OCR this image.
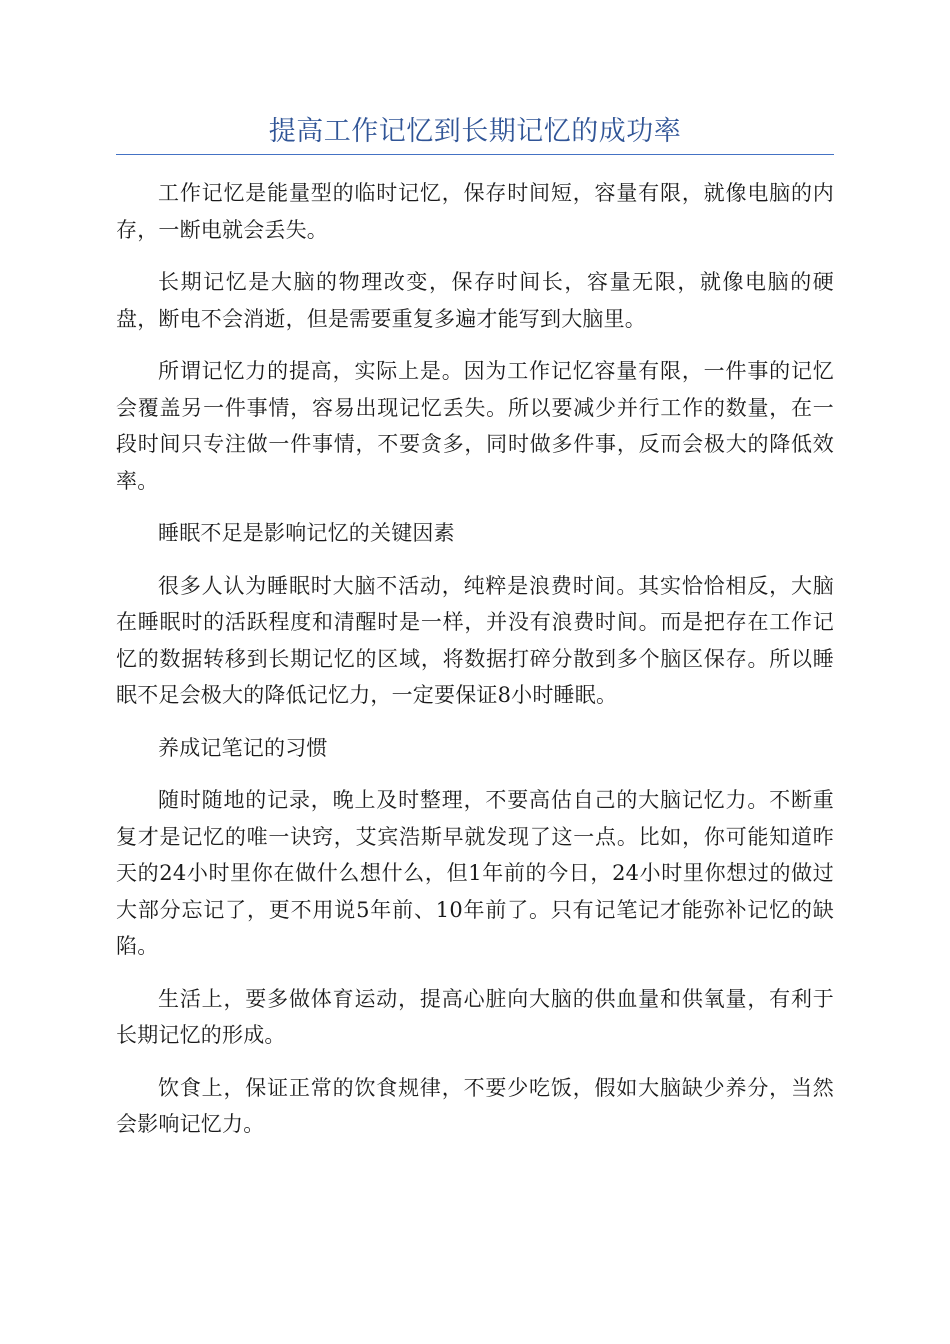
提高工作记忆到长期记忆的成功率

工作记忆是能量型的临时记忆，保存时间短，容量有限，就像电脑的内存，一断电就会丢失。

长期记忆是大脑的物理改变，保存时间长，容量无限，就像电脑的硬盘，断电不会消逝，但是需要重复多遍才能写到大脑里。

所谓记忆力的提高，实际上是。因为工作记忆容量有限，一件事的记忆会覆盖另一件事情，容易出现记忆丢失。所以要减少并行工作的数量，在一段时间只专注做一件事情，不要贪多，同时做多件事，反而会极大的降低效率。

睡眠不足是影响记忆的关键因素

很多人认为睡眠时大脑不活动，纯粹是浪费时间。其实恰恰相反，大脑在睡眠时的活跃程度和清醒时是一样，并没有浪费时间。而是把存在工作记忆的数据转移到长期记忆的区域，将数据打碎分散到多个脑区保存。所以睡眠不足会极大的降低记忆力，一定要保证8小时睡眠。

养成记笔记的习惯

随时随地的记录，晚上及时整理，不要高估自己的大脑记忆力。不断重复才是记忆的唯一诀窍，艾宾浩斯早就发现了这一点。比如，你可能知道昨天的24小时里你在做什么想什么，但1年前的今日，24小时里你想过的做过大部分忘记了，更不用说5年前、10年前了。只有记笔记才能弥补记忆的缺陷。

生活上，要多做体育运动，提高心脏向大脑的供血量和供氧量，有利于长期记忆的形成。

饮食上，保证正常的饮食规律，不要少吃饭，假如大脑缺少养分，当然会影响记忆力。
